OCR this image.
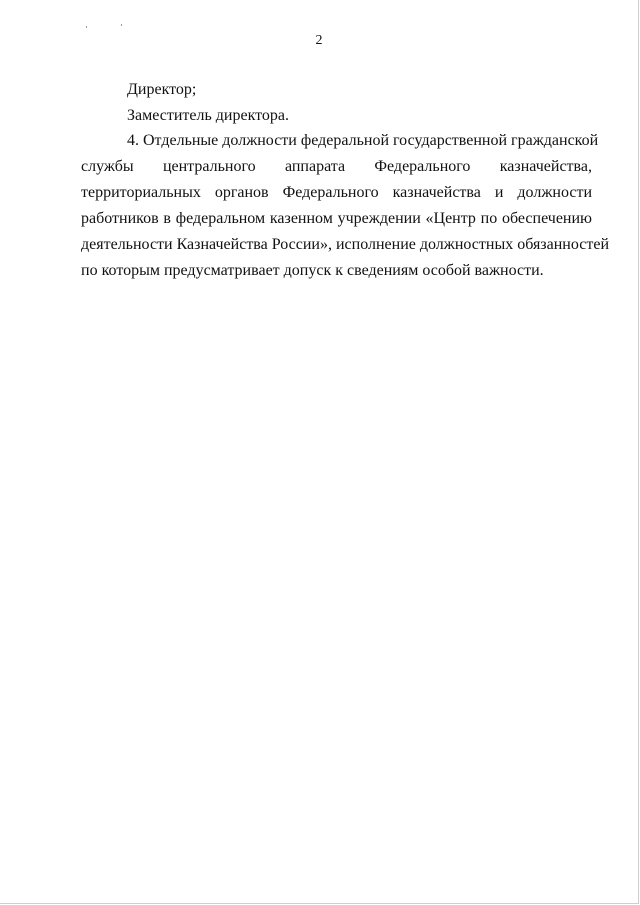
2
Директор;
Заместитель директора.
4. Отдельные должности федеральной государственной гражданской
службы центрального аппарата Федерального казначейства,
территориальных органов Федерального казначейства и должности
работников в федеральном казенном учреждении «Центр по обеспечению
деятельности Казначейства России», исполнение должностных обязанностей
по которым предусматривает допуск к сведениям особой важности.
